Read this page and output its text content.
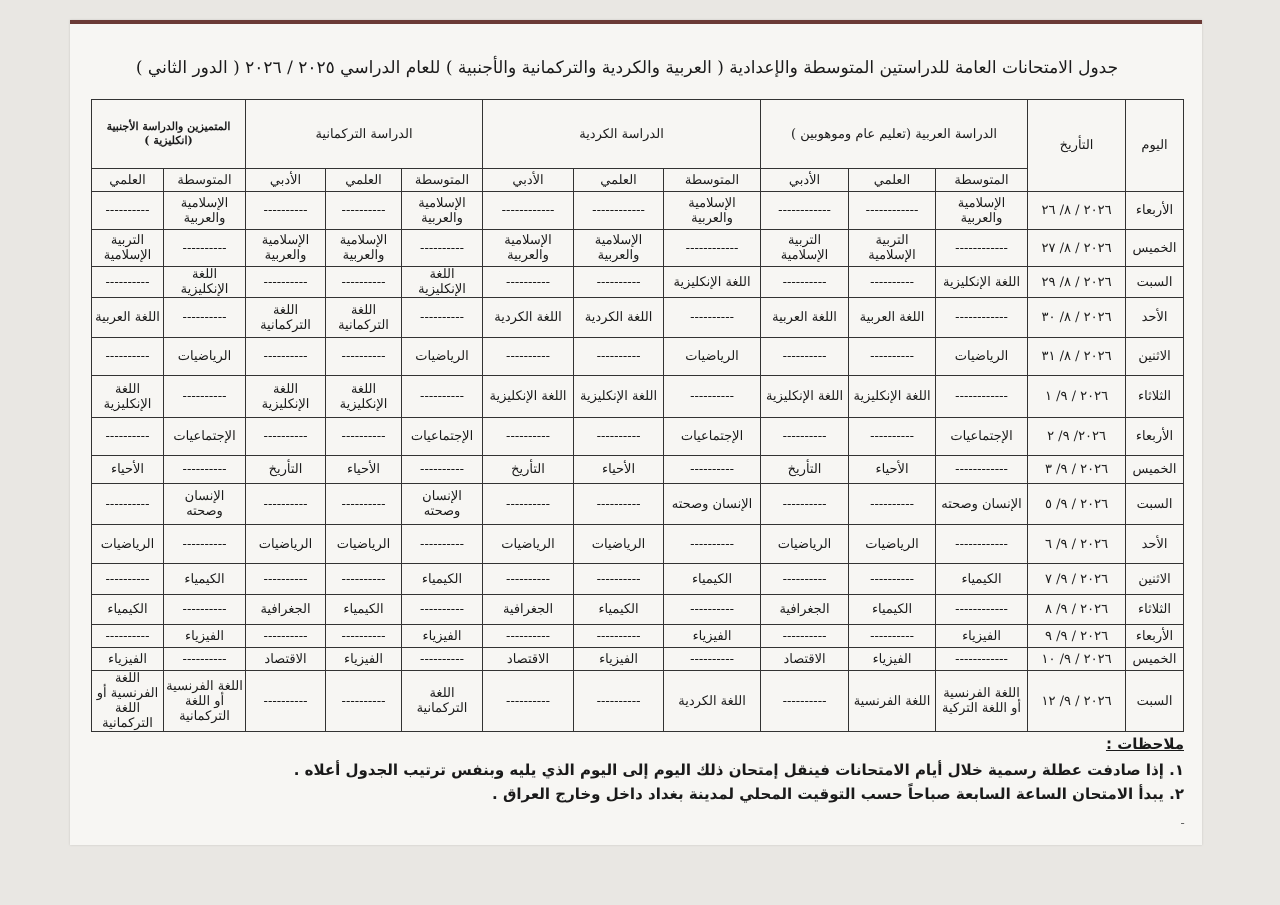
جدول الامتحانات العامة للدراستين المتوسطة والإعدادية ( العربية والكردية والتركمانية والأجنبية ) للعام الدراسي ٢٠٢٥ / ٢٠٢٦ ( الدور الثاني )
اليوم	التأريخ	الدراسة العربية (تعليم عام وموهوبين )			الدراسة الكردية			الدراسة التركمانية			المتميزين والدراسة الأجنبية (انكليزية )	
		المتوسطة	العلمي	الأدبي	المتوسطة	العلمي	الأدبي	المتوسطة	العلمي	الأدبي	المتوسطة	العلمي
الأربعاء	٢٠٢٦ / ٨/ ٢٦	الإسلامية والعربية	------------	------------	الإسلامية والعربية	------------	------------	الإسلامية والعربية	----------	----------	الإسلامية والعربية	----------
الخميس	٢٠٢٦ / ٨/ ٢٧	------------	التربية الإسلامية	التربية الإسلامية	------------	الإسلامية والعربية	الإسلامية والعربية	----------	الإسلامية والعربية	الإسلامية والعربية	----------	التربية الإسلامية
السبت	٢٠٢٦ / ٨/ ٢٩	اللغة الإنكليزية	----------	----------	اللغة الإنكليزية	----------	----------	اللغة الإنكليزية	----------	----------	اللغة الإنكليزية	----------
الأحد	٢٠٢٦ / ٨/ ٣٠	------------	اللغة العربية	اللغة العربية	----------	اللغة الكردية	اللغة الكردية	----------	اللغة التركمانية	اللغة التركمانية	----------	اللغة العربية
الاثنين	٢٠٢٦ / ٨/ ٣١	الرياضيات	----------	----------	الرياضيات	----------	----------	الرياضيات	----------	----------	الرياضيات	----------
الثلاثاء	٢٠٢٦ / ٩/ ١	------------	اللغة الإنكليزية	اللغة الإنكليزية	----------	اللغة الإنكليزية	اللغة الإنكليزية	----------	اللغة الإنكليزية	اللغة الإنكليزية	----------	اللغة الإنكليزية
الأربعاء	٢٠٢٦/ ٩/ ٢	الإجتماعيات	----------	----------	الإجتماعيات	----------	----------	الإجتماعيات	----------	----------	الإجتماعيات	----------
الخميس	٢٠٢٦ / ٩/ ٣	------------	الأحياء	التأريخ	----------	الأحياء	التأريخ	----------	الأحياء	التأريخ	----------	الأحياء
السبت	٢٠٢٦ / ٩/ ٥	الإنسان وصحته	----------	----------	الإنسان وصحته	----------	----------	الإنسان وصحته	----------	----------	الإنسان وصحته	----------
الأحد	٢٠٢٦ / ٩/ ٦	------------	الرياضيات	الرياضيات	----------	الرياضيات	الرياضيات	----------	الرياضيات	الرياضيات	----------	الرياضيات
الاثنين	٢٠٢٦ / ٩/ ٧	الكيمياء	----------	----------	الكيمياء	----------	----------	الكيمياء	----------	----------	الكيمياء	----------
الثلاثاء	٢٠٢٦ / ٩/ ٨	------------	الكيمياء	الجغرافية	----------	الكيمياء	الجغرافية	----------	الكيمياء	الجغرافية	----------	الكيمياء
الأربعاء	٢٠٢٦ / ٩/ ٩	الفيزياء	----------	----------	الفيزياء	----------	----------	الفيزياء	----------	----------	الفيزياء	----------
الخميس	٢٠٢٦ / ٩/ ١٠	------------	الفيزياء	الاقتصاد	----------	الفيزياء	الاقتصاد	----------	الفيزياء	الاقتصاد	----------	الفيزياء
السبت	٢٠٢٦ / ٩/ ١٢	اللغة الفرنسية أو اللغة التركية	اللغة الفرنسية	----------	اللغة الكردية	----------	----------	اللغة التركمانية	----------	----------	اللغة الفرنسية أو اللغة التركمانية	اللغة الفرنسية أو اللغة التركمانية
ملاحظات :
١. إذا صادفت عطلة رسمية خلال أيام الامتحانات فينقل إمتحان ذلك اليوم إلى اليوم الذي يليه وبنفس ترتيب الجدول أعلاه .
٢. يبدأ الامتحان الساعة السابعة صباحاً حسب التوقيت المحلي لمدينة بغداد داخل وخارج العراق .
ـ
